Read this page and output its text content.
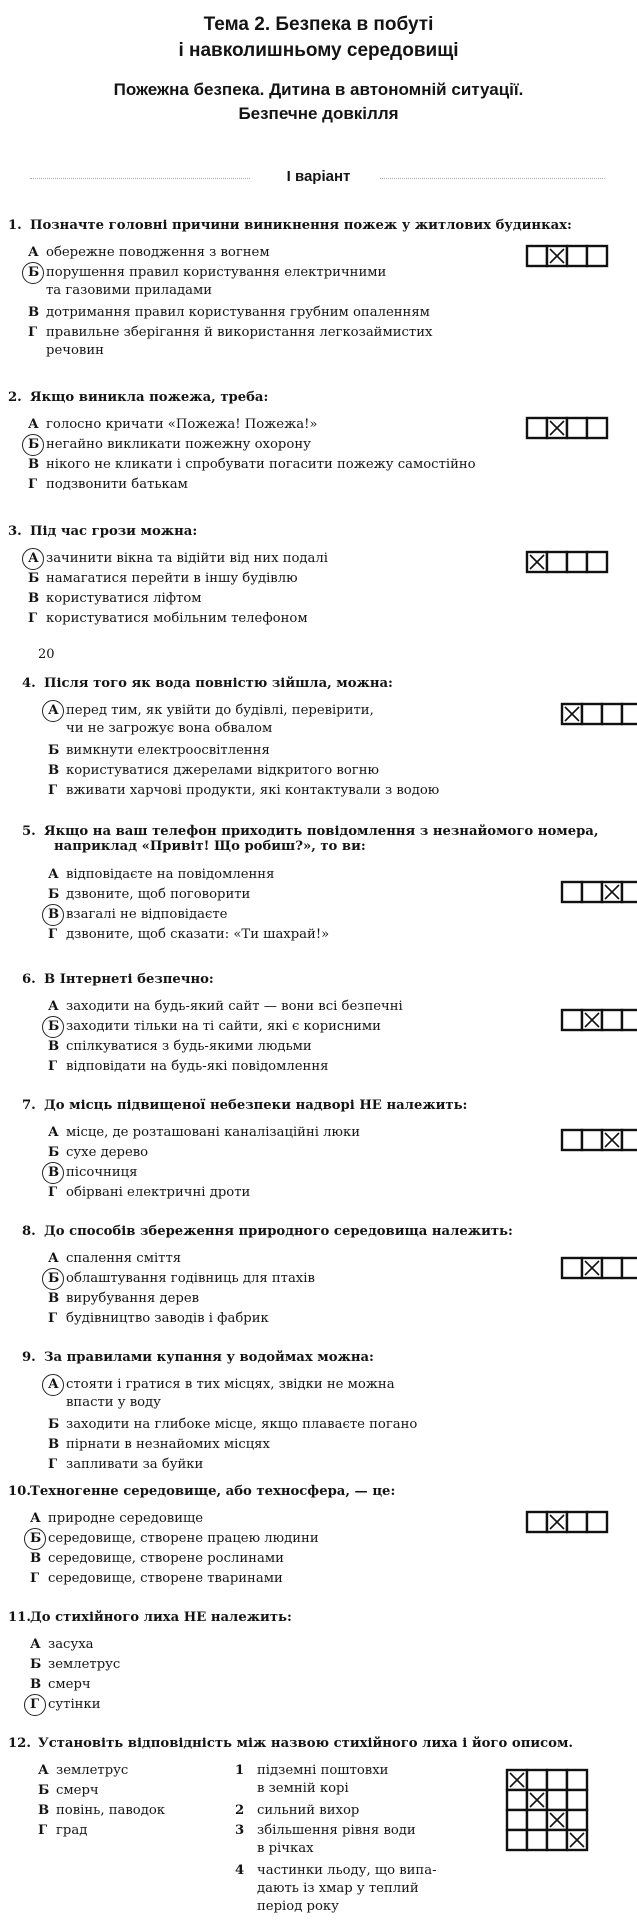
Тема 2. Безпека в побуті
і навколишньому середовищі
Пожежна безпека. Дитина в автономній ситуації.
Безпечне довкілля
І варіант
20
1. Позначте головні причини виникнення пожеж у житлових будинках:
А обережне поводження з вогнем
Б порушення правил користування електричними
та газовими приладами
В дотримання правил користування грубним опаленням
Г правильне зберігання й використання легкозаймистих
речовин
2. Якщо виникла пожежа, треба:
А голосно кричати «Пожежа! Пожежа!»
Б негайно викликати пожежну охорону
В нікого не кликати і спробувати погасити пожежу самостійно
Г подзвонити батькам
3. Під час грози можна:
А зачинити вікна та відійти від них подалі
Б намагатися перейти в іншу будівлю
В користуватися ліфтом
Г користуватися мобільним телефоном
4. Після того як вода повністю зійшла, можна:
А перед тим, як увійти до будівлі, перевірити,
чи не загрожує вона обвалом
Б вимкнути електроосвітлення
В користуватися джерелами відкритого вогню
Г вживати харчові продукти, які контактували з водою
5. Якщо на ваш телефон приходить повідомлення з незнайомого номера,
наприклад «Привіт! Що робиш?», то ви:
А відповідаєте на повідомлення
Б дзвоните, щоб поговорити
В взагалі не відповідаєте
Г дзвоните, щоб сказати: «Ти шахрай!»
6. В Інтернеті безпечно:
А заходити на будь-який сайт — вони всі безпечні
Б заходити тільки на ті сайти, які є корисними
В спілкуватися з будь-якими людьми
Г відповідати на будь-які повідомлення
7. До місць підвищеної небезпеки надворі НЕ належить:
А місце, де розташовані каналізаційні люки
Б сухе дерево
В пісочниця
Г обірвані електричні дроти
8. До способів збереження природного середовища належить:
А спалення сміття
Б облаштування годівниць для птахів
В вирубування дерев
Г будівництво заводів і фабрик
9. За правилами купання у водоймах можна:
А стояти і гратися в тих місцях, звідки не можна
впасти у воду
Б заходити на глибоке місце, якщо плаваєте погано
В пірнати в незнайомих місцях
Г запливати за буйки
10.Техногенне середовище, або техносфера, — це:
А природне середовище
Б середовище, створене працею людини
В середовище, створене рослинами
Г середовище, створене тваринами
11.До стихійного лиха НЕ належить:
А засуха
Б землетрус
В смерч
Г сутінки
12. Установіть відповідність між назвою стихійного лиха і його описом.
А землетрус
Б смерч
В повінь, паводок
Г град
1 підземні поштовхи
в земній корі
2 сильний вихор
3 збільшення рівня води
в річках
4 частинки льоду, що випа-
дають із хмар у теплий
період року
